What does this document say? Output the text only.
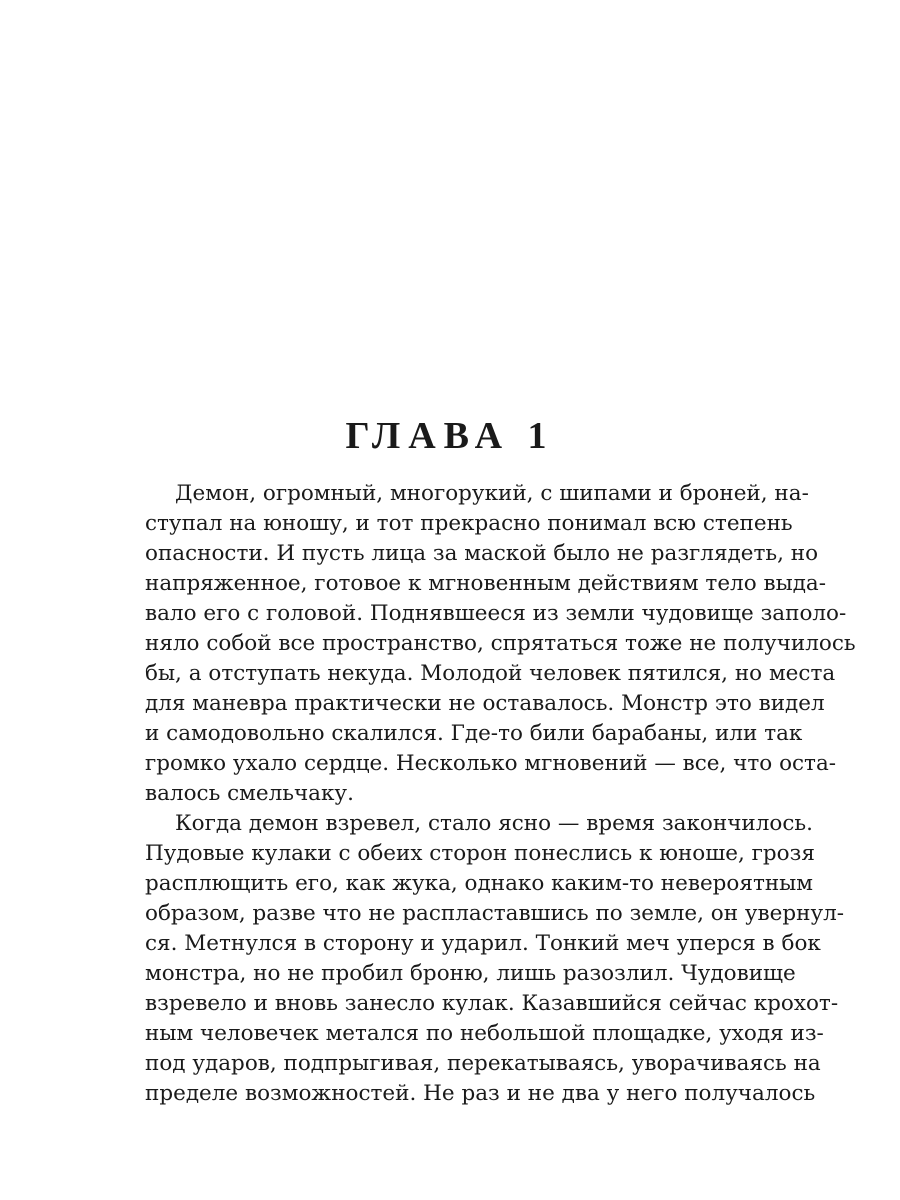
ГЛАВА 1
Демон, огромный, многорукий, с шипами и броней, на-
ступал на юношу, и тот прекрасно понимал всю степень
опасности. И пусть лица за маской было не разглядеть, но
напряженное, готовое к мгновенным действиям тело выда-
вало его с головой. Поднявшееся из земли чудовище заполо-
няло собой все пространство, спрятаться тоже не получилось
бы, а отступать некуда. Молодой человек пятился, но места
для маневра практически не оставалось. Монстр это видел
и самодовольно скалился. Где-то били барабаны, или так
громко ухало сердце. Несколько мгновений — все, что оста-
валось смельчаку.
Когда демон взревел, стало ясно — время закончилось.
Пудовые кулаки с обеих сторон понеслись к юноше, грозя
расплющить его, как жука, однако каким-то невероятным
образом, разве что не распластавшись по земле, он увернул-
ся. Метнулся в сторону и ударил. Тонкий меч уперся в бок
монстра, но не пробил броню, лишь разозлил. Чудовище
взревело и вновь занесло кулак. Казавшийся сейчас крохот-
ным человечек метался по небольшой площадке, уходя из-
под ударов, подпрыгивая, перекатываясь, уворачиваясь на
пределе возможностей. Не раз и не два у него получалось
